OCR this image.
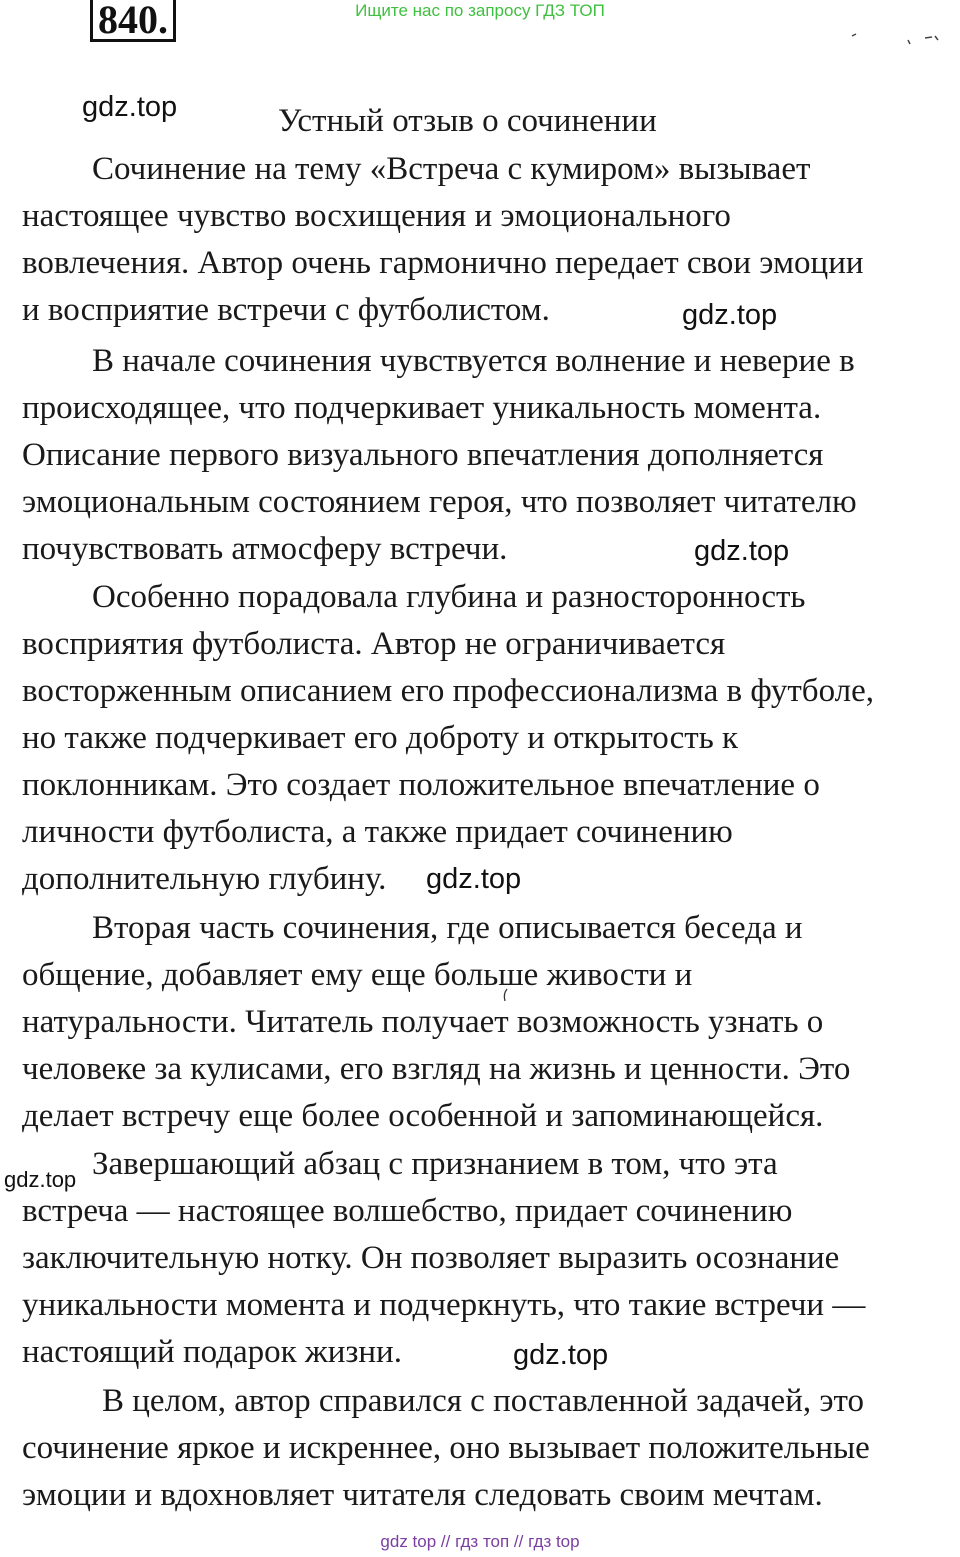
Ищите нас по запросу ГДЗ ТОП
840.
gdz.top	Устный отзыв о сочинении
Сочинение на тему «Встреча с кумиром» вызывает
настоящее чувство восхищения и эмоционального
вовлечения. Автор очень гармонично передает свои эмоции
и восприятие встречи с футболистом.	gdz.top
В начале сочинения чувствуется волнение и неверие в
происходящее, что подчеркивает уникальность момента.
Описание первого визуального впечатления дополняется
эмоциональным состоянием героя, что позволяет читателю
почувствовать атмосферу встречи.	gdz.top
Особенно порадовала глубина и разносторонность
восприятия футболиста. Автор не ограничивается
восторженным описанием его профессионализма в футболе,
но также подчеркивает его доброту и открытость к
поклонникам. Это создает положительное впечатление о
личности футболиста, а также придает сочинению
дополнительную глубину. gdz.top
Вторая часть сочинения, где описывается беседа и
общение, добавляет ему еще больше живости и
натуральности. Читатель получает возможность узнать о
человеке за кулисами, его взгляд на жизнь и ценности. Это
делает встречу еще более особенной и запоминающейся.
gdz.top Завершающий абзац с признанием в том, что эта
встреча — настоящее волшебство, придает сочинению
заключительную нотку. Он позволяет выразить осознание
уникальности момента и подчеркнуть, что такие встречи —
настоящий подарок жизни.	gdz.top
В целом, автор справился с поставленной задачей, это
сочинение яркое и искреннее, оно вызывает положительные
эмоции и вдохновляет читателя следовать своим мечтам.
gdz top // гдз топ // гдз top
